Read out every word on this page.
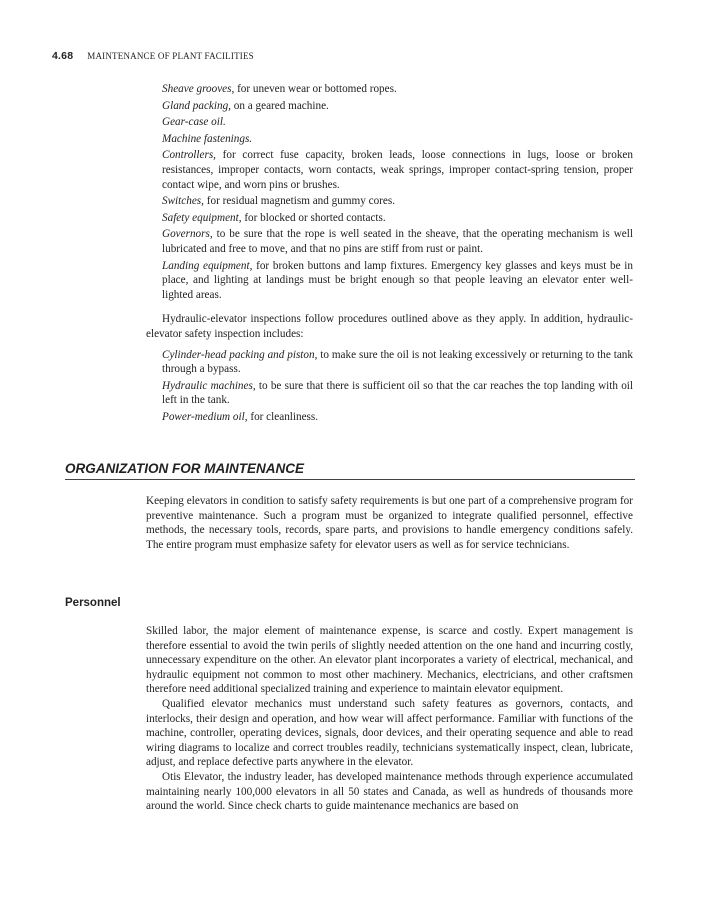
4.68 MAINTENANCE OF PLANT FACILITIES

Sheave grooves, for uneven wear or bottomed ropes.

Gland packing, on a geared machine.

Gear-case oil.

Machine fastenings.

Controllers, for correct fuse capacity, broken leads, loose connections in lugs, loose or broken resistances, improper contacts, worn contacts, weak springs, improper contact-spring tension, proper contact wipe, and worn pins or brushes.

Switches, for residual magnetism and gummy cores.

Safety equipment, for blocked or shorted contacts.

Governors, to be sure that the rope is well seated in the sheave, that the operating mechanism is well lubricated and free to move, and that no pins are stiff from rust or paint.

Landing equipment, for broken buttons and lamp fixtures. Emergency key glasses and keys must be in place, and lighting at landings must be bright enough so that people leaving an elevator enter well-lighted areas.

Hydraulic-elevator inspections follow procedures outlined above as they apply. In addition, hydraulic-elevator safety inspection includes:

Cylinder-head packing and piston, to make sure the oil is not leaking excessively or returning to the tank through a bypass.

Hydraulic machines, to be sure that there is sufficient oil so that the car reaches the top landing with oil left in the tank.

Power-medium oil, for cleanliness.

ORGANIZATION FOR MAINTENANCE

Keeping elevators in condition to satisfy safety requirements is but one part of a comprehensive program for preventive maintenance. Such a program must be organized to integrate qualified personnel, effective methods, the necessary tools, records, spare parts, and provisions to handle emergency conditions safely. The entire program must emphasize safety for elevator users as well as for service technicians.

Personnel

Skilled labor, the major element of maintenance expense, is scarce and costly. Expert management is therefore essential to avoid the twin perils of slightly needed attention on the one hand and incurring costly, unnecessary expenditure on the other. An elevator plant incorporates a variety of electrical, mechanical, and hydraulic equipment not common to most other machinery. Mechanics, electricians, and other craftsmen therefore need additional specialized training and experience to maintain elevator equipment.

Qualified elevator mechanics must understand such safety features as governors, contacts, and interlocks, their design and operation, and how wear will affect performance. Familiar with functions of the machine, controller, operating devices, signals, door devices, and their operating sequence and able to read wiring diagrams to localize and correct troubles readily, technicians systematically inspect, clean, lubricate, adjust, and replace defective parts anywhere in the elevator.

Otis Elevator, the industry leader, has developed maintenance methods through experience accumulated maintaining nearly 100,000 elevators in all 50 states and Canada, as well as hundreds of thousands more around the world. Since check charts to guide maintenance mechanics are based on
